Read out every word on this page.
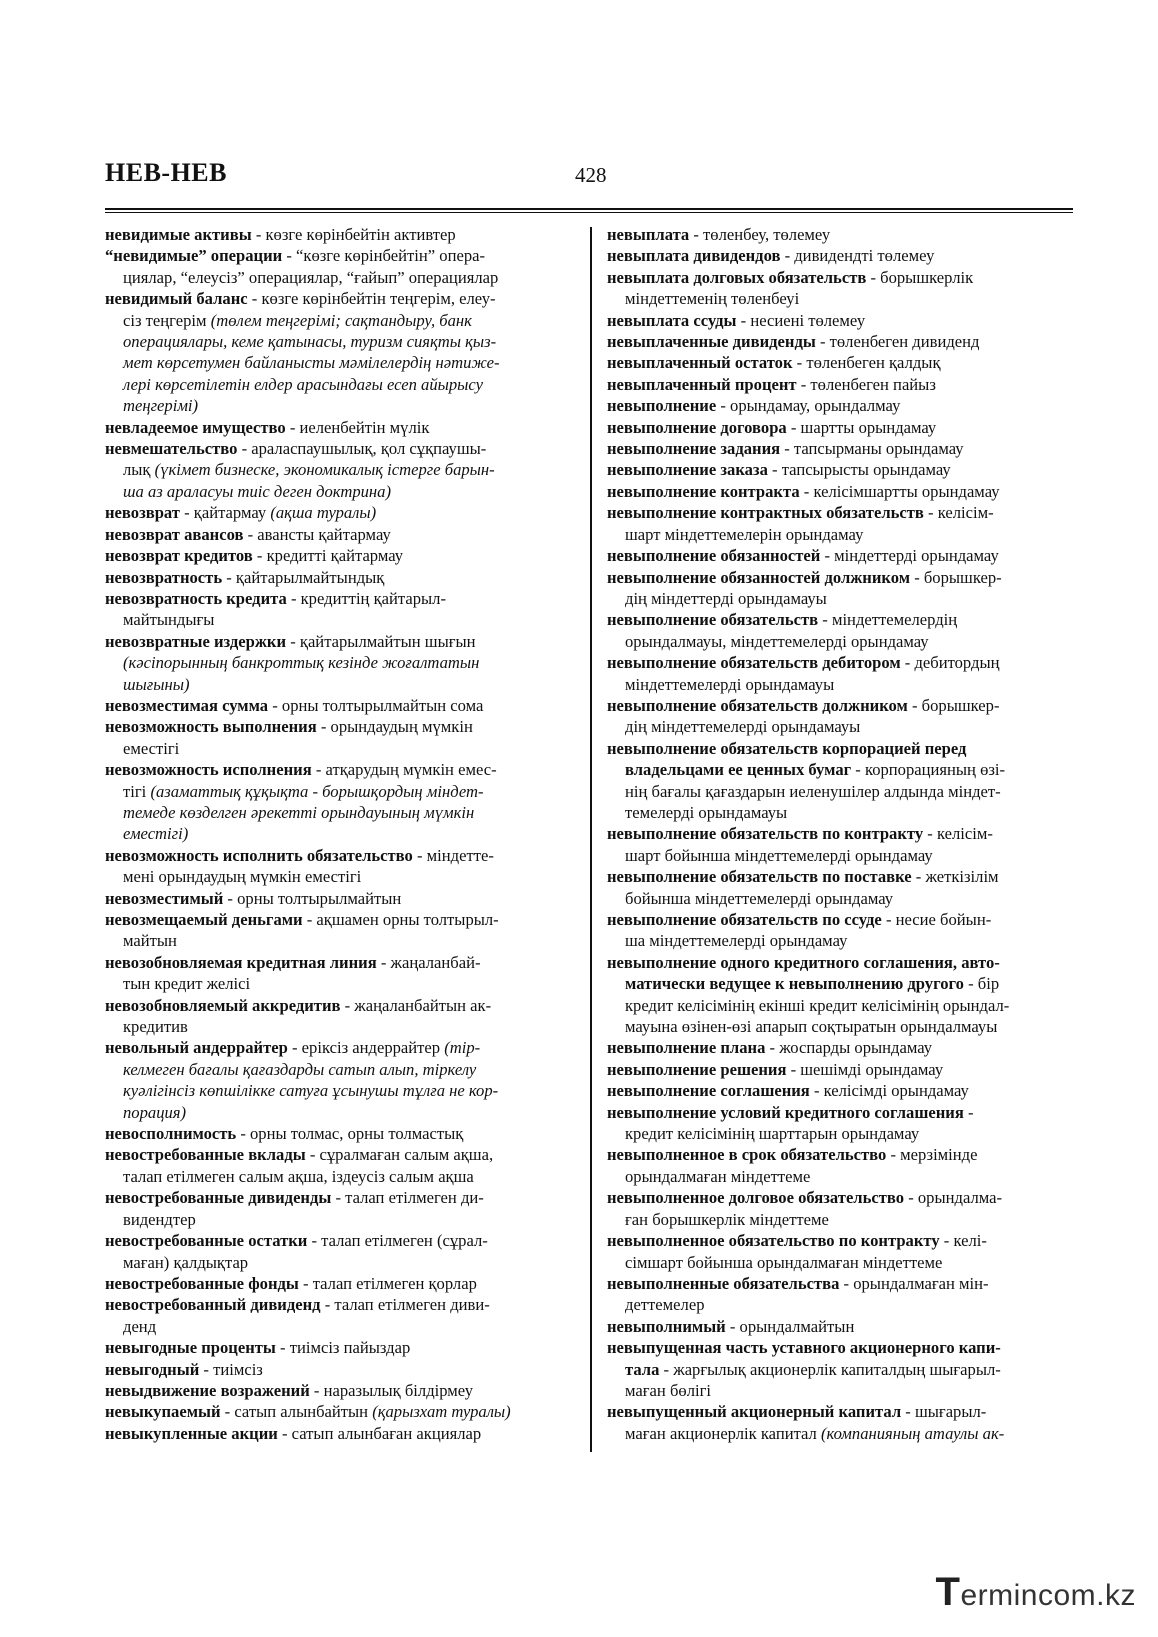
НЕВ-НЕВ	428
невидимые активы - көзге көрінбейтін активтер
“невидимые” операции - “көзге көрінбейтін” опера-
циялар, “елеусіз” операциялар, “ғайып” операциялар
невидимый баланс - көзге көрінбейтін теңгерім, елеу-
сіз теңгерім (төлем теңгерімі; сақтандыру, банк
операциялары, кеме қатынасы, туризм сияқты қыз-
мет көрсетумен байланысты мәмілелердің нәтиже-
лері көрсетілетін елдер арасындағы есеп айырысу
теңгерімі)
невладеемое имущество - иеленбейтін мүлік
невмешательство - араласпаушылық, қол сұқпаушы-
лық (үкімет бизнеске, экономикалық істерге барын-
ша аз араласуы тиіс деген доктрина)
невозврат - қайтармау (ақша туралы)
невозврат авансов - авансты қайтармау
невозврат кредитов - кредитті қайтармау
невозвратность - қайтарылмайтындық
невозвратность кредита - кредиттің қайтарыл-
майтындығы
невозвратные издержки - қайтарылмайтын шығын
(кәсіпорынның банкроттық кезінде жоғалтатын
шығыны)
невозместимая сумма - орны толтырылмайтын сома
невозможность выполнения - орындаудың мүмкін
еместігі
невозможность исполнения - атқарудың мүмкін емес-
тігі (азаматтық құқықта - борышқордың міндет-
темеде көзделген әрекетті орындауының мүмкін
еместігі)
невозможность исполнить обязательство - міндетте-
мені орындаудың мүмкін еместігі
невозместимый - орны толтырылмайтын
невозмещаемый деньгами - ақшамен орны толтырыл-
майтын
невозобновляемая кредитная линия - жаңаланбай-
тын кредит желісі
невозобновляемый аккредитив - жаңаланбайтын ак-
кредитив
невольный андеррайтер - еріксіз андеррайтер (тір-
келмеген бағалы қағаздарды сатып алып, тіркелу
куәлігінсіз көпшілікке сатуға ұсынушы тұлға не кор-
порация)
невосполнимость - орны толмас, орны толмастық
невостребованные вклады - сұралмаған салым ақша,
талап етілмеген салым ақша, іздеусіз салым ақша
невостребованные дивиденды - талап етілмеген ди-
видендтер
невостребованные остатки - талап етілмеген (сұрал-
маған) қалдықтар
невостребованные фонды - талап етілмеген қорлар
невостребованный дивиденд - талап етілмеген диви-
денд
невыгодные проценты - тиімсіз пайыздар
невыгодный - тиімсіз
невыдвижение возражений - наразылық білдірмеу
невыкупаемый - сатып алынбайтын (қарызхат туралы)
невыкупленные акции - сатып алынбаған акциялар
невыплата - төленбеу, төлемеу
невыплата дивидендов - дивидендті төлемеу
невыплата долговых обязательств - борышкерлік
міндеттеменің төленбеуі
невыплата ссуды - несиені төлемеу
невыплаченные дивиденды - төленбеген дивиденд
невыплаченный остаток - төленбеген қалдық
невыплаченный процент - төленбеген пайыз
невыполнение - орындамау, орындалмау
невыполнение договора - шартты орындамау
невыполнение задания - тапсырманы орындамау
невыполнение заказа - тапсырысты орындамау
невыполнение контракта - келісімшартты орындамау
невыполнение контрактных обязательств - келісім-
шарт міндеттемелерін орындамау
невыполнение обязанностей - міндеттерді орындамау
невыполнение обязанностей должником - борышкер-
дің міндеттерді орындамауы
невыполнение обязательств - міндеттемелердің
орындалмауы, міндеттемелерді орындамау
невыполнение обязательств дебитором - дебитордың
міндеттемелерді орындамауы
невыполнение обязательств должником - борышкер-
дің міндеттемелерді орындамауы
невыполнение обязательств корпорацией перед
владельцами ее ценных бумаг - корпорацияның өзі-
нің бағалы қағаздарын иеленушілер алдында міндет-
темелерді орындамауы
невыполнение обязательств по контракту - келісім-
шарт бойынша міндеттемелерді орындамау
невыполнение обязательств по поставке - жеткізілім
бойынша міндеттемелерді орындамау
невыполнение обязательств по ссуде - несие бойын-
ша міндеттемелерді орындамау
невыполнение одного кредитного соглашения, авто-
матически ведущее к невыполнению другого - бір
кредит келісімінің екінші кредит келісімінің орындал-
мауына өзінен-өзі апарып соқтыратын орындалмауы
невыполнение плана - жоспарды орындамау
невыполнение решения - шешімді орындамау
невыполнение соглашения - келісімді орындамау
невыполнение условий кредитного соглашения -
кредит келісімінің шарттарын орындамау
невыполненное в срок обязательство - мерзімінде
орындалмаған міндеттеме
невыполненное долговое обязательство - орындалма-
ған борышкерлік міндеттеме
невыполненное обязательство по контракту - келі-
сімшарт бойынша орындалмаған міндеттеме
невыполненные обязательства - орындалмаған мін-
деттемелер
невыполнимый - орындалмайтын
невыпущенная часть уставного акционерного капи-
тала - жарғылық акционерлік капиталдың шығарыл-
маған бөлігі
невыпущенный акционерный капитал - шығарыл-
маған акционерлік капитал (компанияның атаулы ак-
Termincom.kz
